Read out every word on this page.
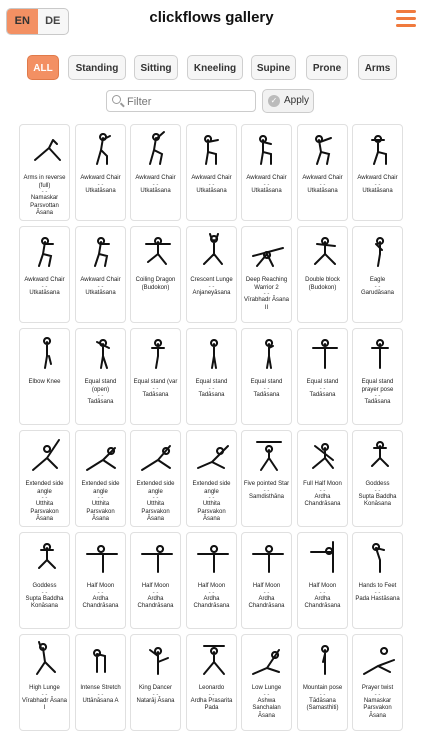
EN	DE	clickflows gallery
ALL	Standing	Sitting	Kneeling	Supine	Prone	Arms
Filter
✓ Apply
Arms in reverse (full)
- -
Namaskar Parsvottan Āsana
Awkward Chair
- -
Utkatāsana
Awkward Chair
- -
Utkatāsana
Awkward Chair
- -
Utkatāsana
Awkward Chair
- -
Utkatāsana
Awkward Chair
- -
Utkatāsana
Awkward Chair
- -
Utkatāsana
Awkward Chair
- -
Utkatāsana
Awkward Chair
- -
Utkatāsana
Coiling Dragon (Budokon)
Crescent Lunge
- -
Anjaneyāsana
Deep Reaching Warrior 2
- -
Vīrabhadr Āsana II
Double block (Budokon)
Eagle
- -
Garudāsana
Elbow Knee	Equal stand (open)
- -
Tadāsana
Equal stand (var
- -
Tadāsana
Equal stand
- -
Tadāsana
Equal stand
- -
Tadāsana
Equal stand
- -
Tadāsana
Equal stand prayer pose
- -
Tadāsana
Extended side angle
- -
Utthita Parsvakon Āsana
Extended side angle
- -
Utthita Parsvakon Āsana
Extended side angle
- -
Utthita Parsvakon Āsana
Extended side angle
- -
Utthita Parsvakon Āsana
Five pointed Star
- -
Samdisthāna
Full Half Moon
- -
Ardha Chandrāsana
Goddess
- -
Supta Baddha Konāsana
Goddess
- -
Supta Baddha Konāsana
Half Moon
- -
Ardha Chandrāsana
Half Moon
- -
Ardha Chandrāsana
Half Moon
- -
Ardha Chandrāsana
Half Moon
- -
Ardha Chandrāsana
Half Moon
- -
Ardha Chandrāsana
Hands to Feet
- -
Pada Hastāsana
High Lunge
- -
Vīrabhadr Āsana I
Intense Stretch
- -
Uttānāsana A
King Dancer
- -
Natarāj Āsana
Leonardo
- -
Ardha Prasarita Pada
Low Lunge
- -
Ashwa Sanchalan Āsana
Mountain pose
- -
Tādāsana (Samasthiti)
Prayer twist
- -
Namaskar Parsvakon Āsana
